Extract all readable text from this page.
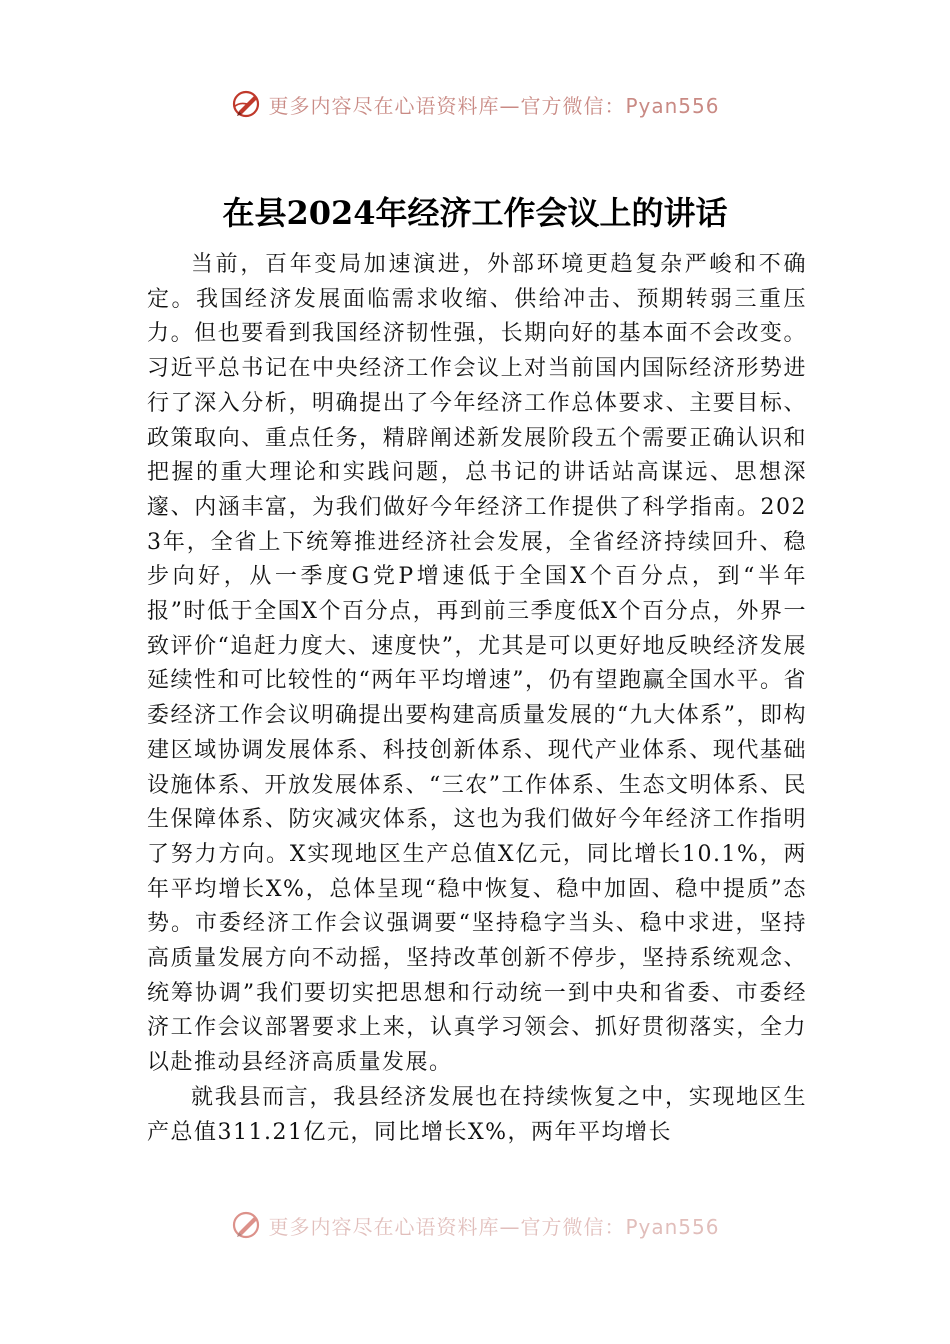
更多内容尽在心语资料库—官方微信：Pyan556
在县2024年经济工作会议上的讲话

当前，百年变局加速演进，外部环境更趋复杂严峻和不确定。我国经济发展面临需求收缩、供给冲击、预期转弱三重压力。但也要看到我国经济韧性强，长期向好的基本面不会改变。习近平总书记在中央经济工作会议上对当前国内国际经济形势进行了深入分析，明确提出了今年经济工作总体要求、主要目标、政策取向、重点任务，精辟阐述新发展阶段五个需要正确认识和把握的重大理论和实践问题，总书记的讲话站高谋远、思想深邃、内涵丰富，为我们做好今年经济工作提供了科学指南。2023年，全省上下统筹推进经济社会发展，全省经济持续回升、稳步向好，从一季度G党P增速低于全国X个百分点，到“半年报”时低于全国X个百分点，再到前三季度低X个百分点，外界一致评价“追赶力度大、速度快”，尤其是可以更好地反映经济发展延续性和可比较性的“两年平均增速”，仍有望跑赢全国水平。省委经济工作会议明确提出要构建高质量发展的“九大体系”，即构建区域协调发展体系、科技创新体系、现代产业体系、现代基础设施体系、开放发展体系、“三农”工作体系、生态文明体系、民生保障体系、防灾减灾体系，这也为我们做好今年经济工作指明了努力方向。X实现地区生产总值X亿元，同比增长10.1%，两年平均增长X%，总体呈现“稳中恢复、稳中加固、稳中提质”态势。市委经济工作会议强调要“坚持稳字当头、稳中求进，坚持高质量发展方向不动摇，坚持改革创新不停步，坚持系统观念、统筹协调”我们要切实把思想和行动统一到中央和省委、市委经济工作会议部署要求上来，认真学习领会、抓好贯彻落实，全力以赴推动县经济高质量发展。

就我县而言，我县经济发展也在持续恢复之中，实现地区生产总值311.21亿元，同比增长X%，两年平均增长

更多内容尽在心语资料库—官方微信：Pyan556
